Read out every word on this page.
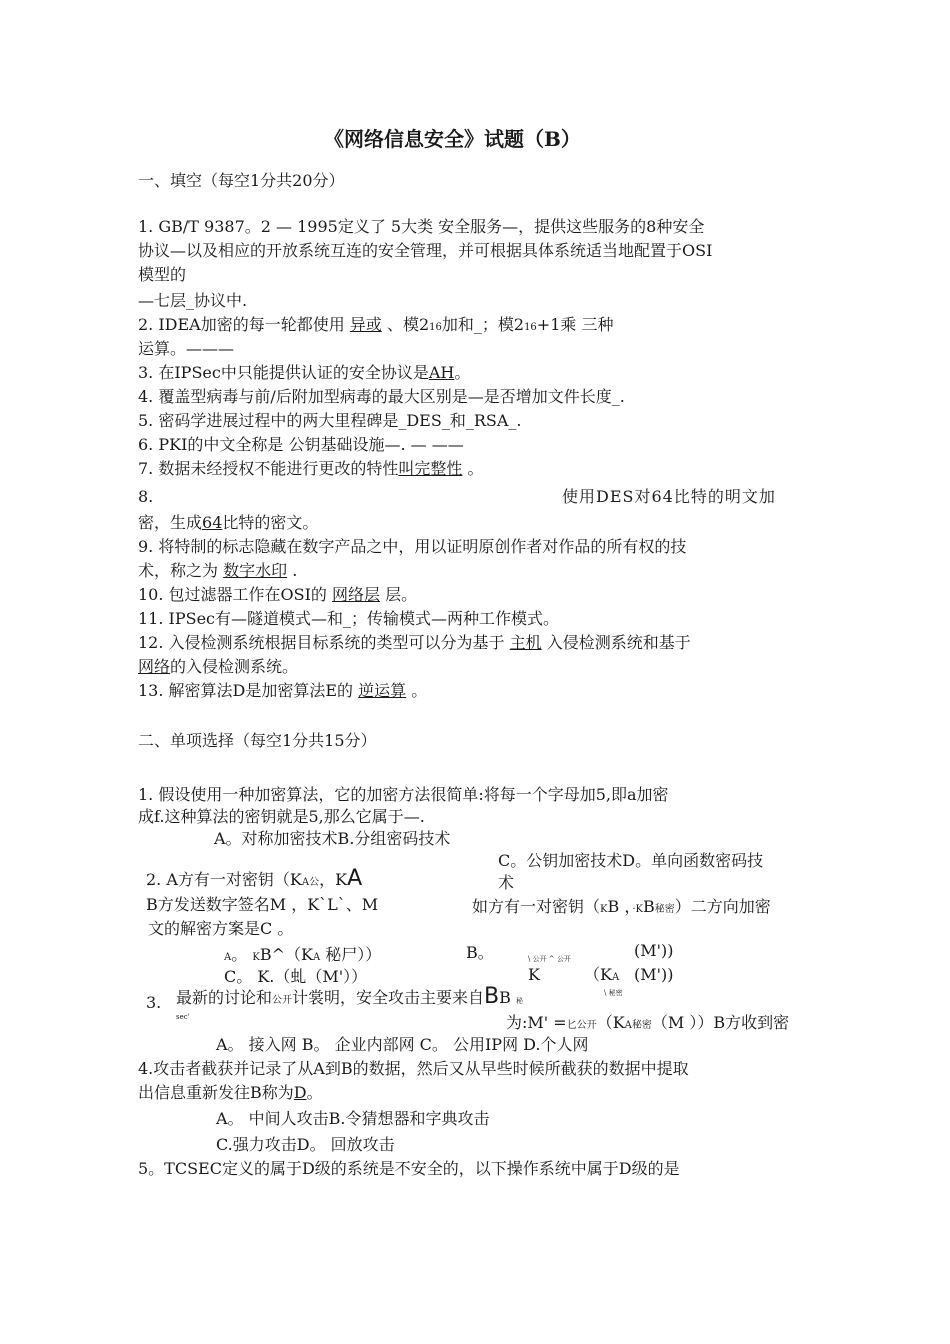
《网络信息安全》试题（B）
一、填空（每空1分共20分）
1. GB/T 9387。2 — 1995定义了 5大类 安全服务—，提供这些服务的8种安全
协议—以及相应的开放系统互连的安全管理，并可根据具体系统适当地配置于OSI
模型的
—七层_协议中.
2. IDEA加密的每一轮都使用 异或 、模216加和_；模216+1乘 三种
运算。———
3. 在IPSec中只能提供认证的安全协议是AH。
4. 覆盖型病毒与前/后附加型病毒的最大区别是—是否增加文件长度_.
5. 密码学进展过程中的两大里程碑是_DES_和_RSA_.
6. PKI的中文全称是 公钥基础设施—. — ——
7. 数据未经授权不能进行更改的特性叫完整性 。
8.	使用DES对64比特的明文加
密，生成64比特的密文。
9. 将特制的标志隐藏在数字产品之中，用以证明原创作者对作品的所有权的技
术，称之为 数字水印 .
10. 包过滤器工作在OSI的 网络层 层。
11. IPSec有—隧道模式—和_；传输模式—两种工作模式。
12. 入侵检测系统根据目标系统的类型可以分为基于 主机 入侵检测系统和基于
网络的入侵检测系统。
13. 解密算法D是加密算法E的 逆运算 。
二、单项选择（每空1分共15分）
1. 假设使用一种加密算法，它的加密方法很简单:将每一个字母加5,即a加密
成f.这种算法的密钥就是5,那么它属于—.
A。对称加密技术B.分组密码技术
C。公钥加密技术D。单向函数密码技
术
2. A方有一对密钥（KA公，KA
B方发送数字签名M ，K`L`、M	如方有一对密钥（KB ，·KB秘密）二方向加密
文的解密方案是C 。
A。 KB^（KA 秘尸））	B。	\ 公开 ^ 公开	(M'))
C。 K.（虬（M'））	K	（KA (M'))
\ 秘密
3. 最新的讨论和公开计裳明，安全攻击主要来自BB 秘
sec'	为:M' =匕公开（KA秘密（M ））B方收到密
A。 接入网 B。 企业内部网 C。 公用IP网 D.个人网
4.攻击者截获并记录了从A到B的数据，然后又从早些时候所截获的数据中提取
出信息重新发往B称为D。
A。 中间人攻击B.令猜想器和字典攻击
C.强力攻击D。 回放攻击
5。TCSEC定义的属于D级的系统是不安全的，以下操作系统中属于D级的是
